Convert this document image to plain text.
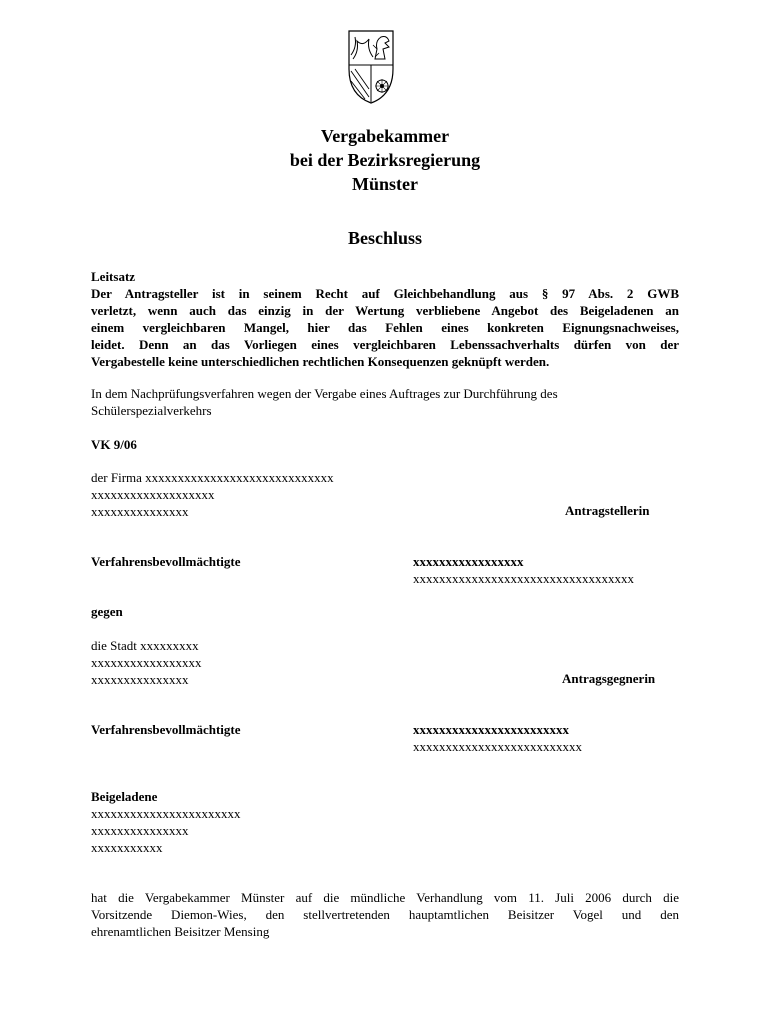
Vergabekammer
bei der Bezirksregierung
Münster
Beschluss
Leitsatz
Der Antragsteller ist in seinem Recht auf Gleichbehandlung aus § 97 Abs. 2 GWB
verletzt, wenn auch das einzig in der Wertung verbliebene Angebot des Beigeladenen an
einem vergleichbaren Mangel, hier das Fehlen eines konkreten Eignungsnachweises,
leidet. Denn an das Vorliegen eines vergleichbaren Lebenssachverhalts dürfen von der
Vergabestelle keine unterschiedlichen rechtlichen Konsequenzen geknüpft werden.
In dem Nachprüfungsverfahren wegen der Vergabe eines Auftrages zur Durchführung des
Schülerspezialverkehrs
VK 9/06
der Firma xxxxxxxxxxxxxxxxxxxxxxxxxxxxx
xxxxxxxxxxxxxxxxxxx
xxxxxxxxxxxxxxx	Antragstellerin
Verfahrensbevollmächtigte	xxxxxxxxxxxxxxxxx
xxxxxxxxxxxxxxxxxxxxxxxxxxxxxxxxxx
gegen
die Stadt xxxxxxxxx
xxxxxxxxxxxxxxxxx
xxxxxxxxxxxxxxx	Antragsgegnerin
Verfahrensbevollmächtigte	xxxxxxxxxxxxxxxxxxxxxxxx
xxxxxxxxxxxxxxxxxxxxxxxxxx
Beigeladene
xxxxxxxxxxxxxxxxxxxxxxx
xxxxxxxxxxxxxxx
xxxxxxxxxxx
hat die Vergabekammer Münster auf die mündliche Verhandlung vom 11. Juli 2006 durch die
Vorsitzende Diemon-Wies, den stellvertretenden hauptamtlichen Beisitzer Vogel und den
ehrenamtlichen Beisitzer Mensing
